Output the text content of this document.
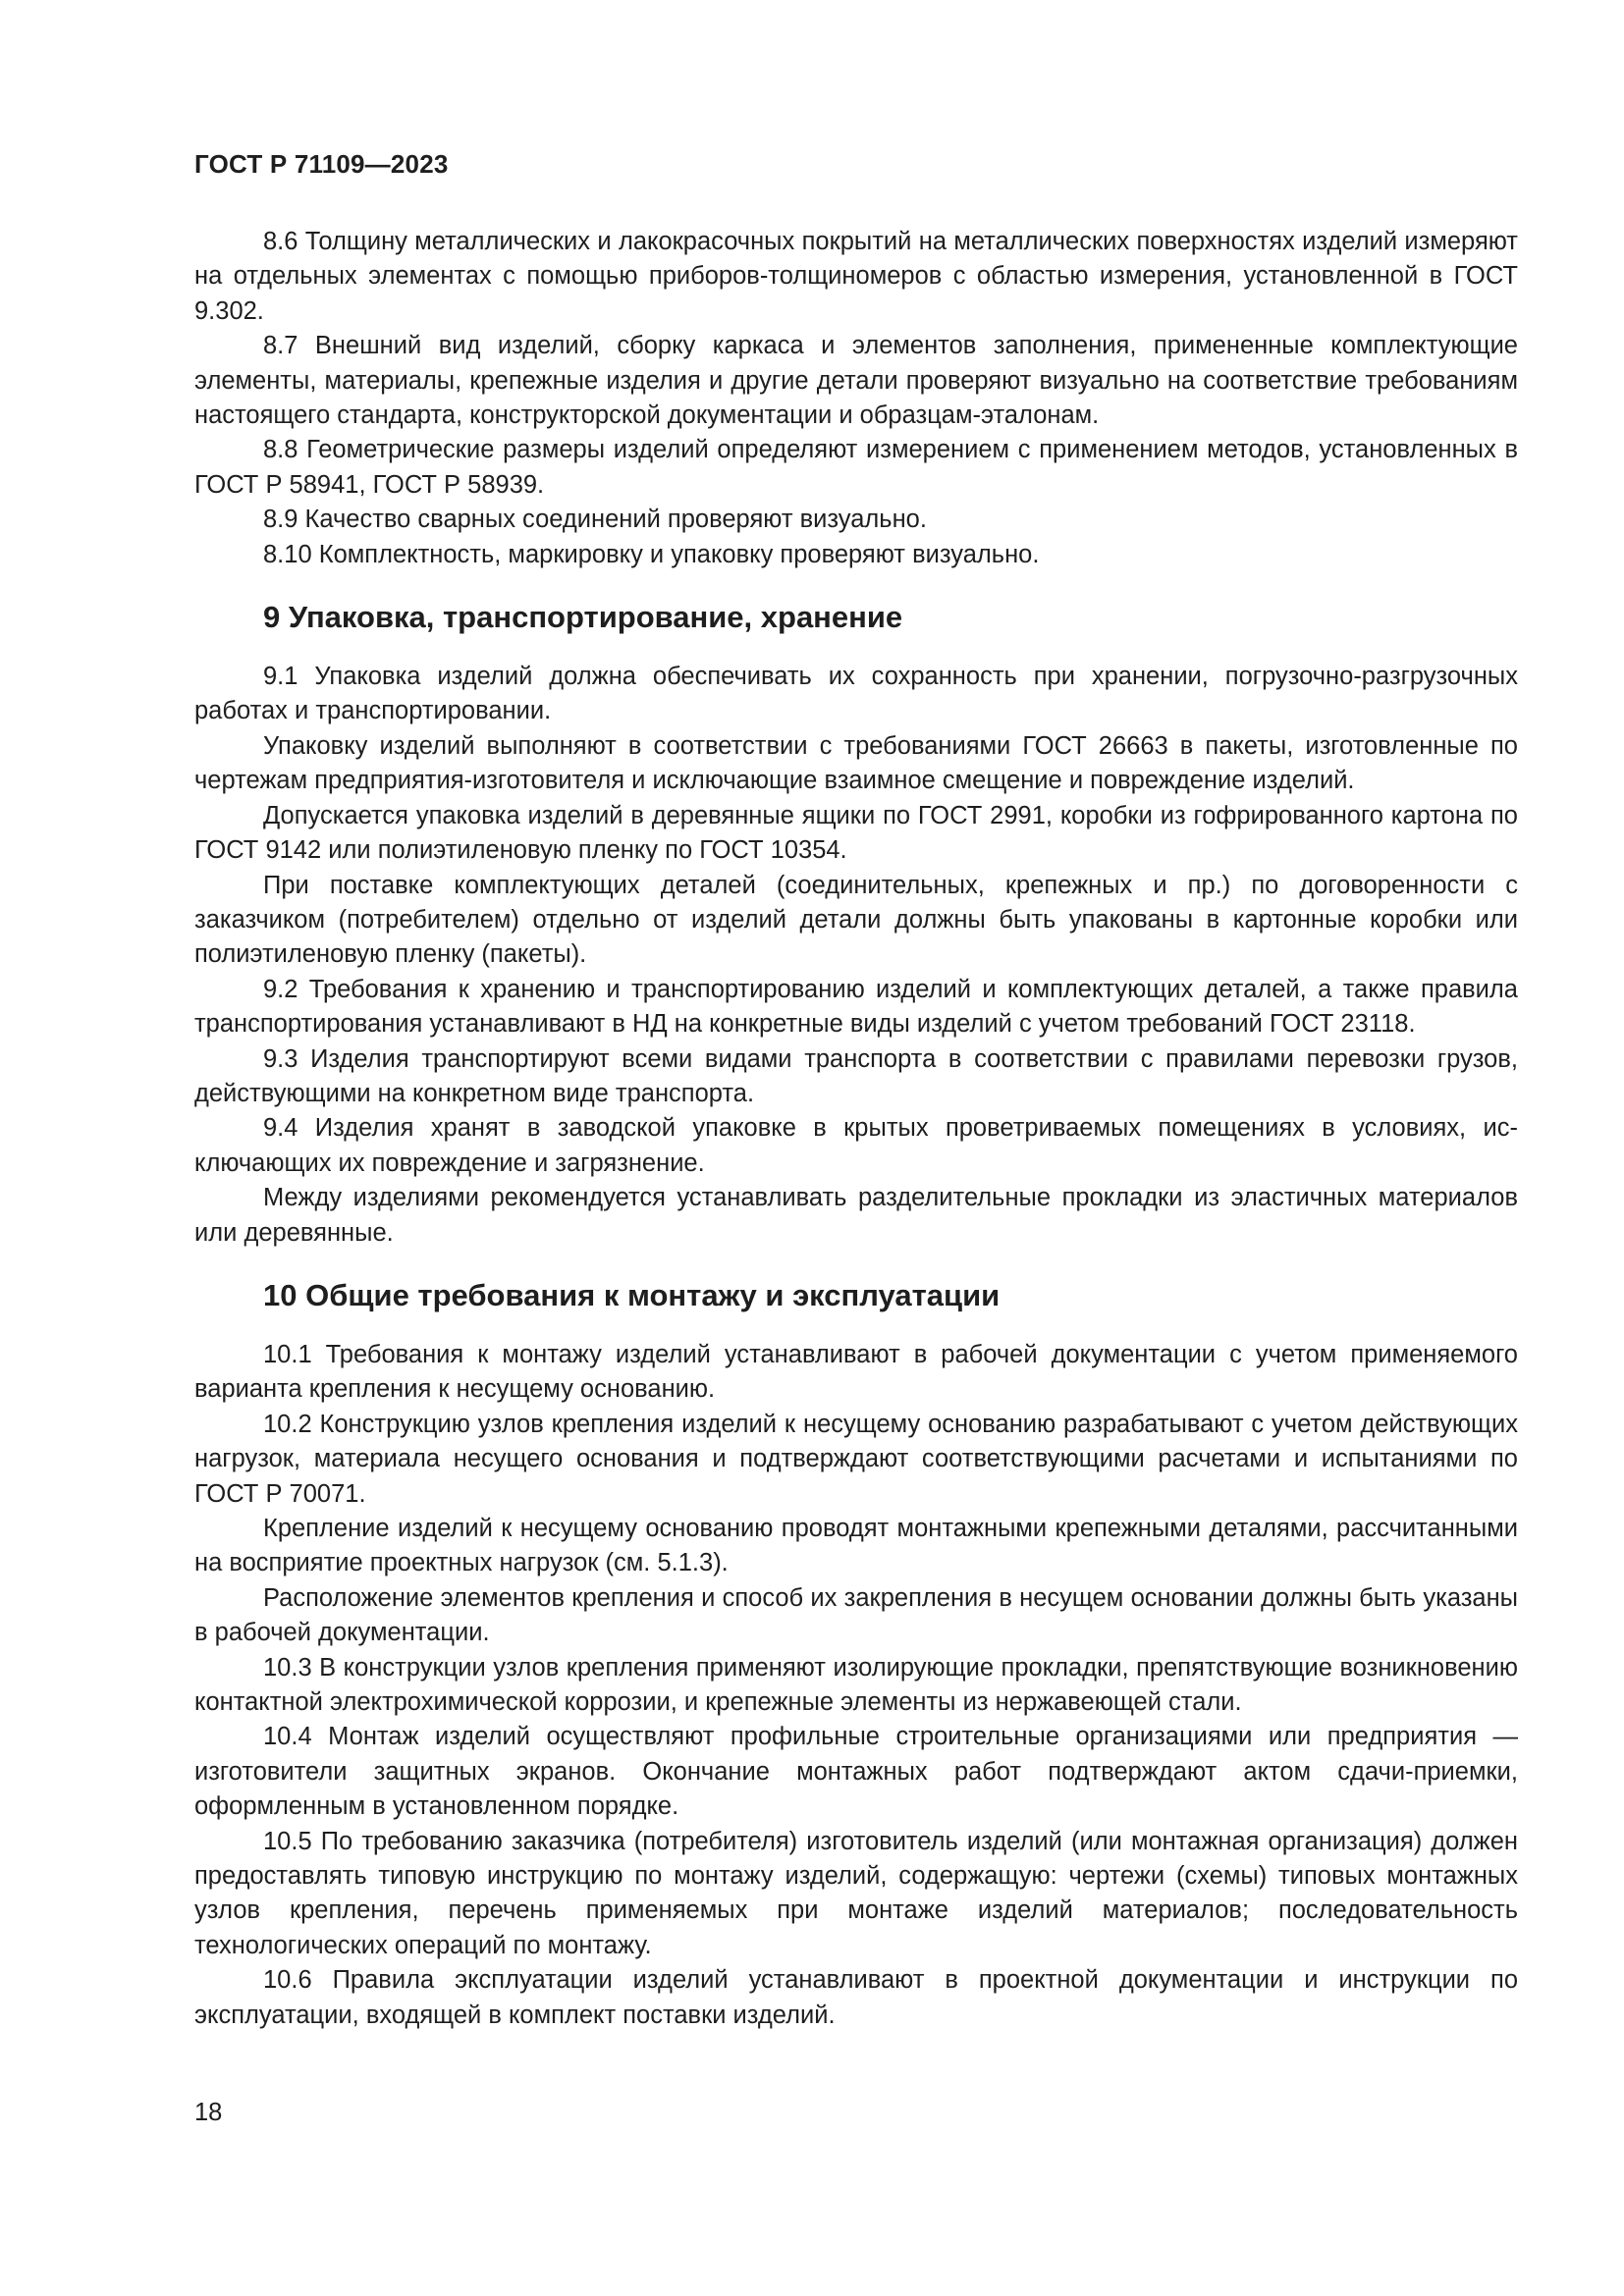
ГОСТ Р 71109—2023

8.6 Толщину металлических и лакокрасочных покрытий на металлических поверхностях изделий измеряют на отдельных элементах с помощью приборов-толщиномеров с областью измерения, установленной в ГОСТ 9.302.

8.7 Внешний вид изделий, сборку каркаса и элементов заполнения, примененные комплектующие элементы, материалы, крепежные изделия и другие детали проверяют визуально на соответствие требованиям настоящего стандарта, конструкторской документации и образцам-эталонам.

8.8 Геометрические размеры изделий определяют измерением с применением методов, установленных в ГОСТ Р 58941, ГОСТ Р 58939.

8.9 Качество сварных соединений проверяют визуально.

8.10 Комплектность, маркировку и упаковку проверяют визуально.

9 Упаковка, транспортирование, хранение

9.1 Упаковка изделий должна обеспечивать их сохранность при хранении, погрузочно-разгрузочных работах и транспортировании.

Упаковку изделий выполняют в соответствии с требованиями ГОСТ 26663 в пакеты, изготовленные по чертежам предприятия-изготовителя и исключающие взаимное смещение и повреждение изделий.

Допускается упаковка изделий в деревянные ящики по ГОСТ 2991, коробки из гофрированного картона по ГОСТ 9142 или полиэтиленовую пленку по ГОСТ 10354.

При поставке комплектующих деталей (соединительных, крепежных и пр.) по договоренности с заказчиком (потребителем) отдельно от изделий детали должны быть упакованы в картонные коробки или полиэтиленовую пленку (пакеты).

9.2 Требования к хранению и транспортированию изделий и комплектующих деталей, а также правила транспортирования устанавливают в НД на конкретные виды изделий с учетом требований ГОСТ 23118.

9.3 Изделия транспортируют всеми видами транспорта в соответствии с правилами перевозки грузов, действующими на конкретном виде транспорта.

9.4 Изделия хранят в заводской упаковке в крытых проветриваемых помещениях в условиях, исключающих их повреждение и загрязнение.

Между изделиями рекомендуется устанавливать разделительные прокладки из эластичных материалов или деревянные.

10 Общие требования к монтажу и эксплуатации

10.1 Требования к монтажу изделий устанавливают в рабочей документации с учетом применяемого варианта крепления к несущему основанию.

10.2 Конструкцию узлов крепления изделий к несущему основанию разрабатывают с учетом действующих нагрузок, материала несущего основания и подтверждают соответствующими расчетами и испытаниями по ГОСТ Р 70071.

Крепление изделий к несущему основанию проводят монтажными крепежными деталями, рассчитанными на восприятие проектных нагрузок (см. 5.1.3).

Расположение элементов крепления и способ их закрепления в несущем основании должны быть указаны в рабочей документации.

10.3 В конструкции узлов крепления применяют изолирующие прокладки, препятствующие возникновению контактной электрохимической коррозии, и крепежные элементы из нержавеющей стали.

10.4 Монтаж изделий осуществляют профильные строительные организациями или предприятия — изготовители защитных экранов. Окончание монтажных работ подтверждают актом сдачи-приемки, оформленным в установленном порядке.

10.5 По требованию заказчика (потребителя) изготовитель изделий (или монтажная организация) должен предоставлять типовую инструкцию по монтажу изделий, содержащую: чертежи (схемы) типовых монтажных узлов крепления, перечень применяемых при монтаже изделий материалов; последовательность технологических операций по монтажу.

10.6 Правила эксплуатации изделий устанавливают в проектной документации и инструкции по эксплуатации, входящей в комплект поставки изделий.

18
